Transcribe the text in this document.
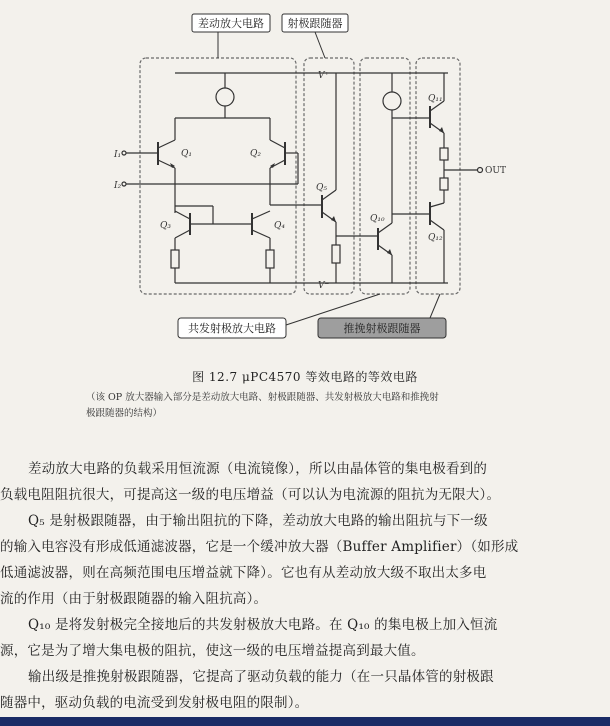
差动放大电路 射极跟随器
共发射极放大电路	推挽射极跟随器
V⁺
V⁻
I₁
I₂
Q₁	Q₂
Q₃	Q₄
Q₅
Q₁₀
Q₁₁
Q₁₂
OUT
图 12.7 μPC4570 等效电路的等效电路
（该 OP 放大器输入部分是差动放大电路、射极跟随器、共发射极放大电路和推挽射
极跟随器的结构）

差动放大电路的负载采用恒流源（电流镜像），所以由晶体管的集电极看到的

负载电阻阻抗很大，可提高这一级的电压增益（可以认为电流源的阻抗为无限大）。

Q₅ 是射极跟随器，由于输出阻抗的下降，差动放大电路的输出阻抗与下一级

的输入电容没有形成低通滤波器，它是一个缓冲放大器（Buffer Amplifier）（如形成

低通滤波器，则在高频范围电压增益就下降）。它也有从差动放大级不取出太多电

流的作用（由于射极跟随器的输入阻抗高）。

Q₁₀ 是将发射极完全接地后的共发射极放大电路。在 Q₁₀ 的集电极上加入恒流

源，它是为了增大集电极的阻抗，使这一级的电压增益提高到最大值。

输出级是推挽射极跟随器，它提高了驱动负载的能力（在一只晶体管的射极跟

随器中，驱动负载的电流受到发射极电阻的限制）。
